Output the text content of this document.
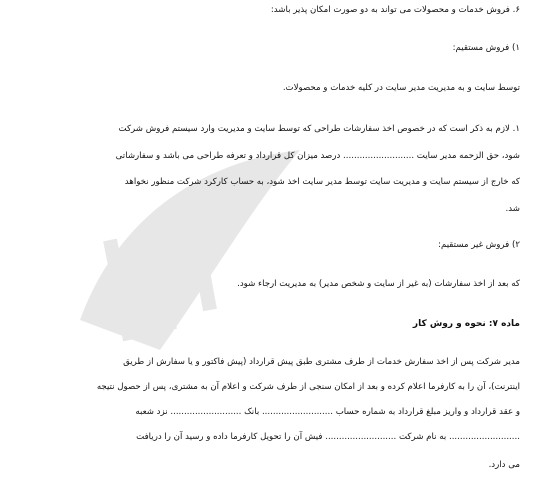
۶. فروش خدمات و محصولات می تواند به دو صورت امکان پذیر باشد:
۱) فروش مستقیم:
توسط سایت و به مدیریت مدیر سایت در کلیه خدمات و محصولات.
۱. لازم به ذکر است که در خصوص اخذ سفارشات طراحی که توسط سایت و مدیریت وارد سیستم فروش شرکت
شود، حق الزحمه مدیر سایت .......................... درصد میزان کل قرارداد و تعرفه طراحی می باشد و سفارشاتی
که خارج از سیستم سایت و مدیریت سایت توسط مدیر سایت اخذ شود، به حساب کارکرد شرکت منظور نخواهد
شد.
۲) فروش غیر مستقیم:
که بعد از اخذ سفارشات (به غیر از سایت و شخص مدیر) به مدیریت ارجاء شود.
ماده ۷: نحوه و روش کار
مدیر شرکت پس از اخذ سفارش خدمات از طرف مشتری طبق پیش قرارداد (پیش فاکتور و یا سفارش از طریق
اینترنت)، آن را به کارفرما اعلام کرده و بعد از امکان سنجی از طرف شرکت و اعلام آن به مشتری، پس از حصول نتیجه
و عقد قرارداد و واریز مبلغ قرارداد به شماره حساب .......................... بانک .......................... نزد شعبه
.......................... به نام شرکت .......................... فیش آن را تحویل کارفرما داده و رسید آن را دریافت
می دارد.
